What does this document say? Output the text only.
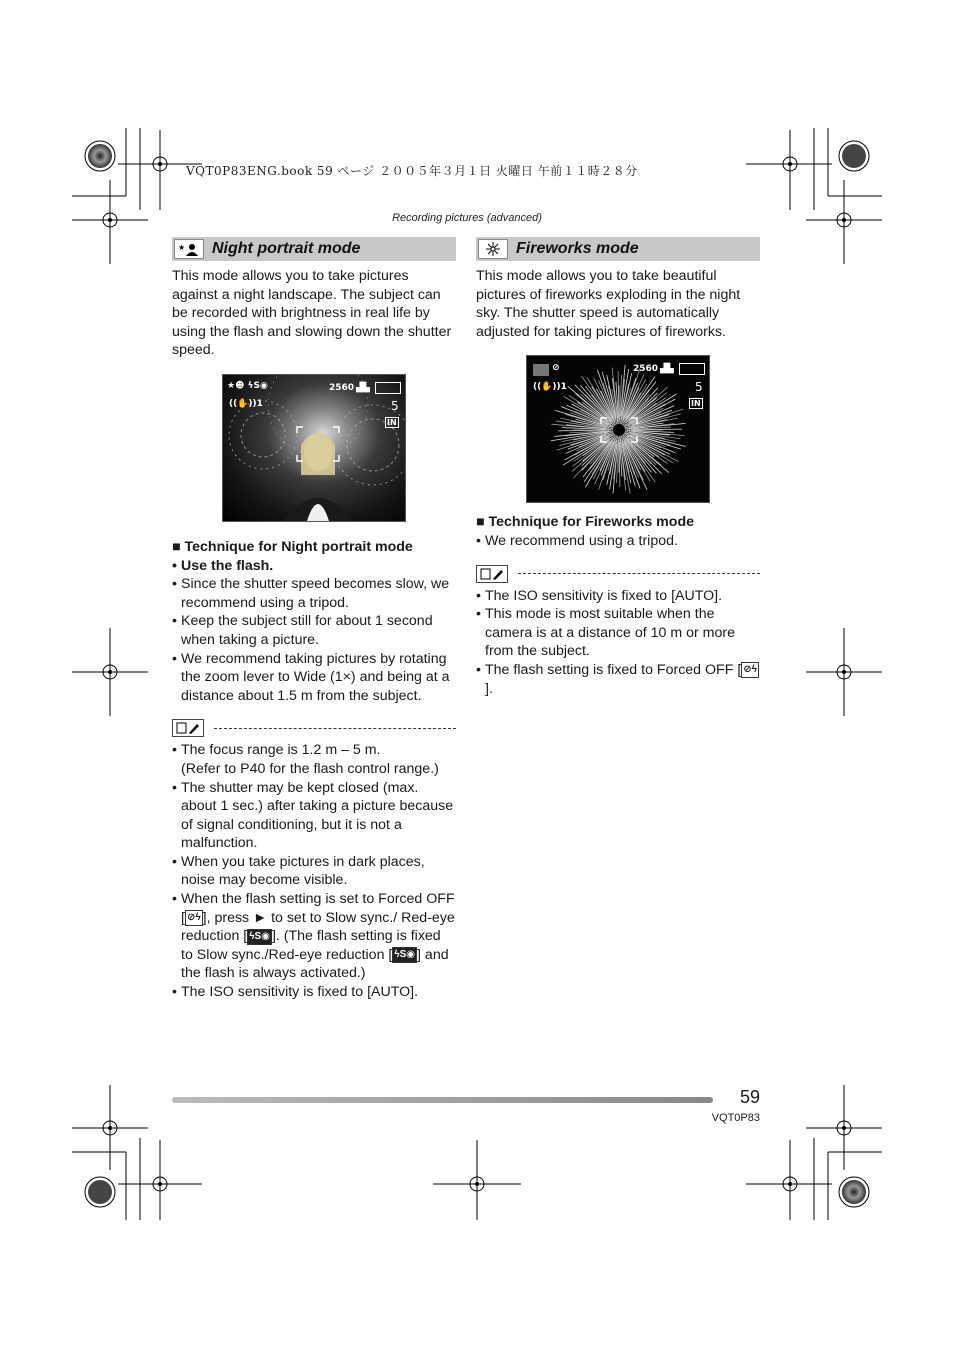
VQT0P83ENG.book 59 ページ ２００５年３月１日 火曜日 午前１１時２８分
Recording pictures (advanced)
★ Night portrait mode

This mode allows you to take pictures against a night landscape. The subject can be recorded with brightness in real life by using the flash and slowing down the shutter speed.

★☻ ϟS◉	2560 ▟▙
((✋))1	5
IN
■ Technique for Night portrait mode
• Use the flash.
• Since the shutter speed becomes slow, we recommend using a tripod.
• Keep the subject still for about 1 second when taking a picture.
• We recommend taking pictures by rotating the zoom lever to Wide (1×) and being at a distance about 1.5 m from the subject.
• The focus range is 1.2 m – 5 m.
(Refer to P40 for the flash control range.)
• The shutter may be kept closed (max. about 1 sec.) after taking a picture because of signal conditioning, but it is not a malfunction.
• When you take pictures in dark places, noise may become visible.
• When the flash setting is set to Forced OFF [ ⊘ϟ ], press ► to set to Slow sync./ Red-eye reduction [ ϟS◉ ]. (The flash setting is fixed to Slow sync./Red-eye reduction [ ϟS◉ ] and the flash is always activated.)
• The ISO sensitivity is fixed to [AUTO].
Fireworks mode

This mode allows you to take beautiful pictures of fireworks exploding in the night sky. The shutter speed is automatically adjusted for taking pictures of fireworks.

⊘	2560 ▟▙
((✋))1	5
IN
■ Technique for Fireworks mode
• We recommend using a tripod.
• The ISO sensitivity is fixed to [AUTO].
• This mode is most suitable when the camera is at a distance of 10 m or more from the subject.
• The flash setting is fixed to Forced OFF [ ⊘ϟ].
59
VQT0P83
